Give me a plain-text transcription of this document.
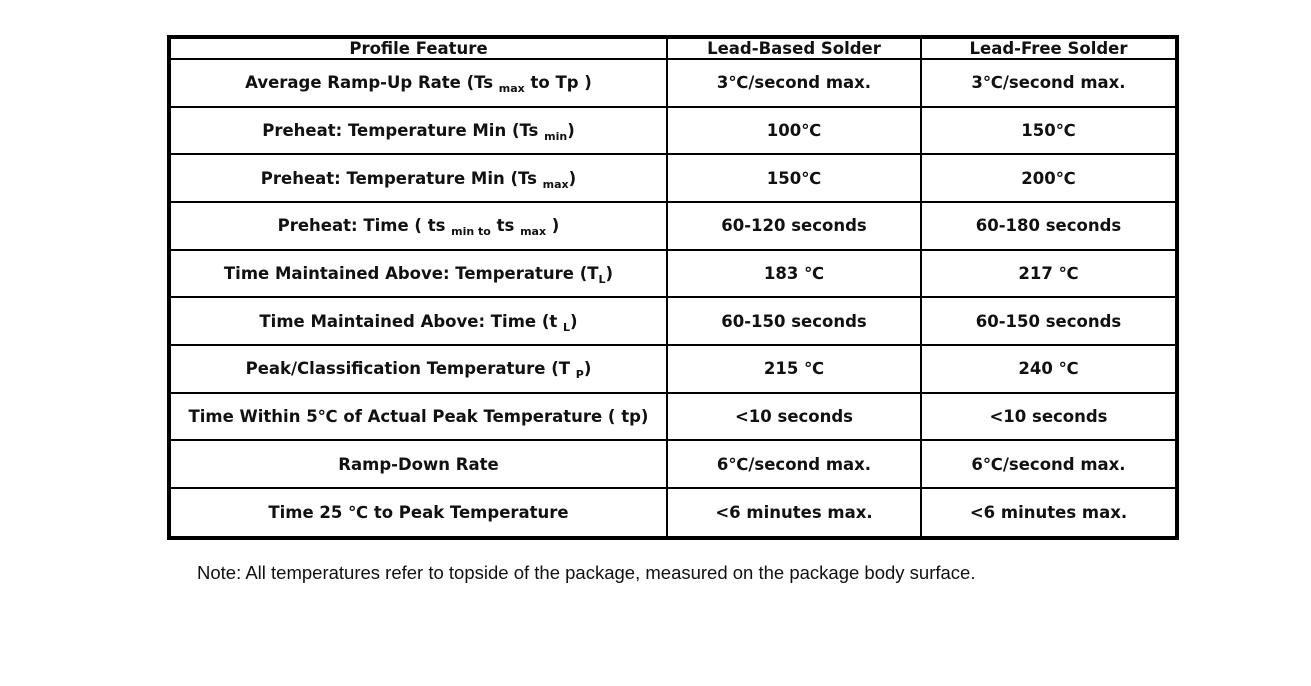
Profile Feature	Lead-Based Solder	Lead-Free Solder
Average Ramp-Up Rate (Ts $_{max}$ to Tp )	3℃/second max.	3℃/second max.
Preheat: Temperature Min (Ts $_{min}$)	100℃	150℃
Preheat: Temperature Min (Ts $_{max}$)	150℃	200℃
Preheat: Time ( ts $_{min to}$ ts $_{max}$ )	60-120 seconds	60-180 seconds
Time Maintained Above: Temperature $(T_L)$	183 ℃	217 ℃
Time Maintained Above: Time (t $_L$)	60-150 seconds	60-150 seconds
Peak/Classification Temperature (T $_P$)	215 ℃	240 ℃
Time Within 5℃ of Actual Peak Temperature ( tp)	<10 seconds	<10 seconds
Ramp-Down Rate	6℃/second max.	6℃/second max.
Time 25 ℃ to Peak Temperature	<6 minutes max.	<6 minutes max.
Note: All temperatures refer to topside of the package, measured on the package body surface.
